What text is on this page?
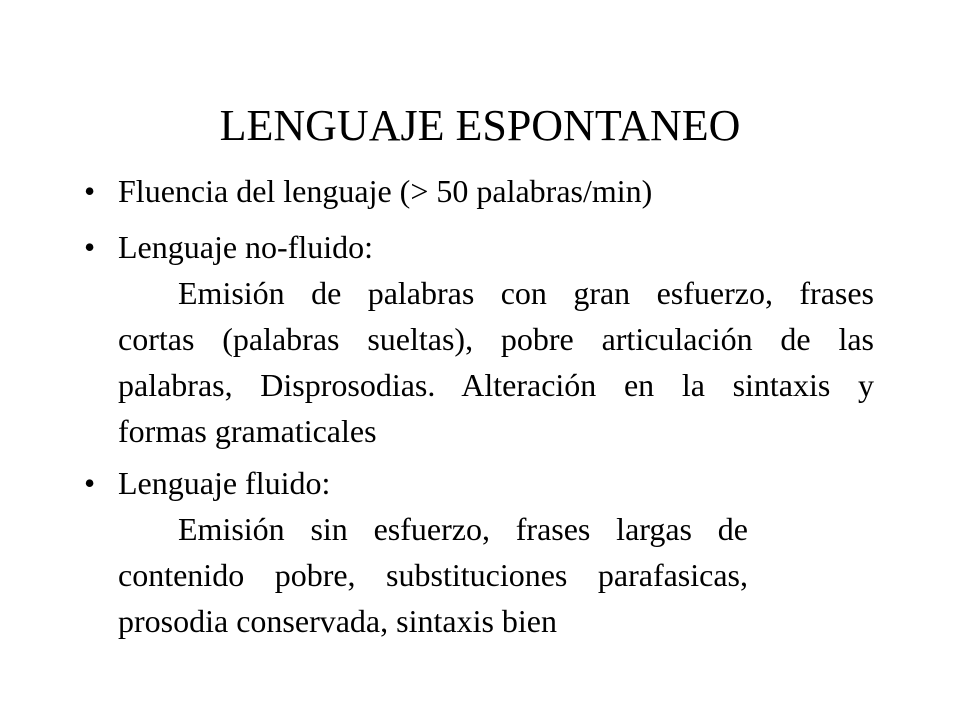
LENGUAJE ESPONTANEO
• Fluencia del lenguaje (> 50 palabras/min)
• Lenguaje no-fluido:
Emisión de palabras con gran esfuerzo, frases
cortas (palabras sueltas), pobre articulación de las
palabras, Disprosodias. Alteración en la sintaxis y
formas gramaticales
• Lenguaje fluido:
Emisión sin esfuerzo, frases largas de
contenido pobre, substituciones parafasicas,
prosodia conservada, sintaxis bien
